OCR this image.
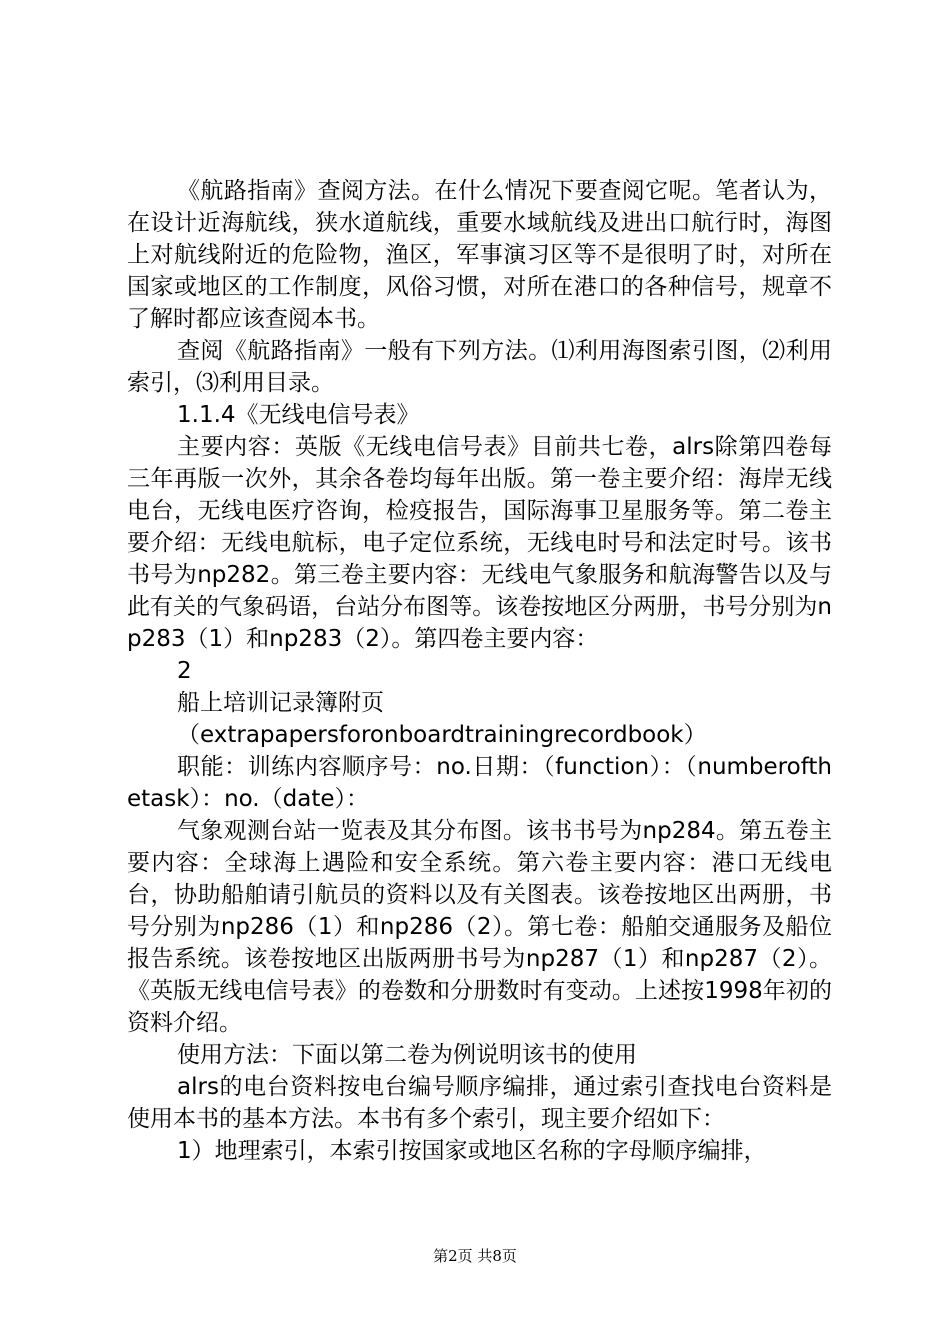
《航路指南》查阅方法。在什么情况下要查阅它呢。笔者认为，在设计近海航线，狭水道航线，重要水域航线及进出口航行时，海图上对航线附近的危险物，渔区，军事演习区等不是很明了时，对所在国家或地区的工作制度，风俗习惯，对所在港口的各种信号，规章不了解时都应该查阅本书。

查阅《航路指南》一般有下列方法。⑴利用海图索引图，⑵利用索引，⑶利用目录。

1.1.4《无线电信号表》

主要内容：英版《无线电信号表》目前共七卷，alrs除第四卷每三年再版一次外，其余各卷均每年出版。第一卷主要介绍：海岸无线电台，无线电医疗咨询，检疫报告，国际海事卫星服务等。第二卷主要介绍：无线电航标，电子定位系统，无线电时号和法定时号。该书书号为np282。第三卷主要内容：无线电气象服务和航海警告以及与此有关的气象码语，台站分布图等。该卷按地区分两册，书号分别为np283（1）和np283（2）。第四卷主要内容：

2

船上培训记录簿附页

（extrapapersforonboardtrainingrecordbook）

职能：训练内容顺序号：no.日期：（function）：（numberofthetask）：no.（date）：

气象观测台站一览表及其分布图。该书书号为np284。第五卷主要内容：全球海上遇险和安全系统。第六卷主要内容：港口无线电台，协助船舶请引航员的资料以及有关图表。该卷按地区出两册，书号分别为np286（1）和np286（2）。第七卷：船舶交通服务及船位报告系统。该卷按地区出版两册书号为np287（1）和np287（2）。《英版无线电信号表》的卷数和分册数时有变动。上述按1998年初的资料介绍。

使用方法：下面以第二卷为例说明该书的使用

alrs的电台资料按电台编号顺序编排，通过索引查找电台资料是使用本书的基本方法。本书有多个索引，现主要介绍如下：

1）地理索引，本索引按国家或地区名称的字母顺序编排，

第2页 共8页
